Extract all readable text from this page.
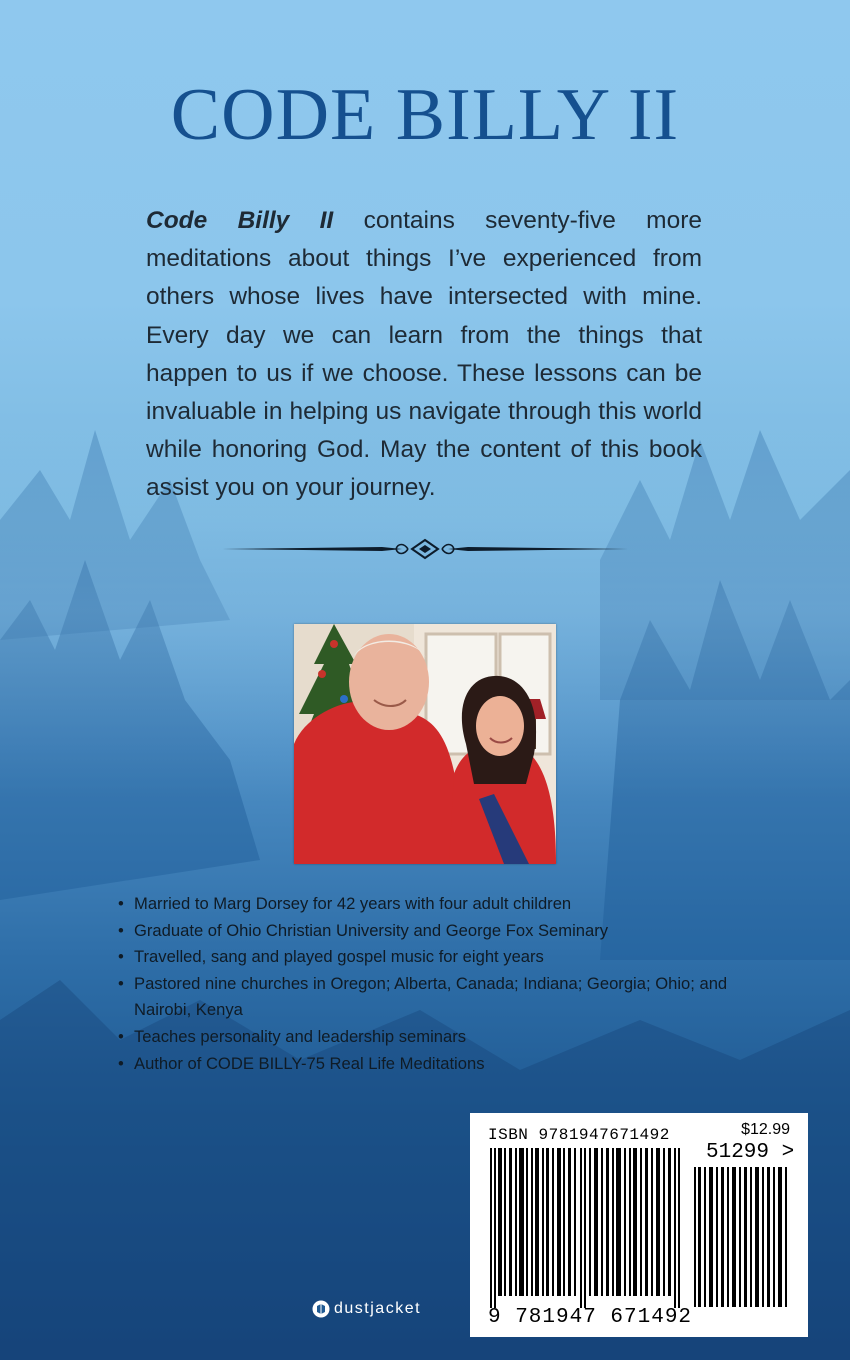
CODE BILLY II

Code Billy II contains seventy-five more meditations about things I’ve experienced from others whose lives have intersected with mine. Every day we can learn from the things that happen to us if we choose. These lessons can be invaluable in helping us navigate through this world while honoring God. May the content of this book assist you on your journey.

• Married to Marg Dorsey for 42 years with four adult children
• Graduate of Ohio Christian University and George Fox Seminary
• Travelled, sang and played gospel music for eight years
• Pastored nine churches in Oregon; Alberta, Canada; Indiana; Georgia; Ohio; and Nairobi, Kenya
• Teaches personality and leadership seminars
• Author of CODE BILLY-75 Real Life Meditations
ISBN 9781947671492	$12.99
51299 >
9 781947 671492
dustjacket
